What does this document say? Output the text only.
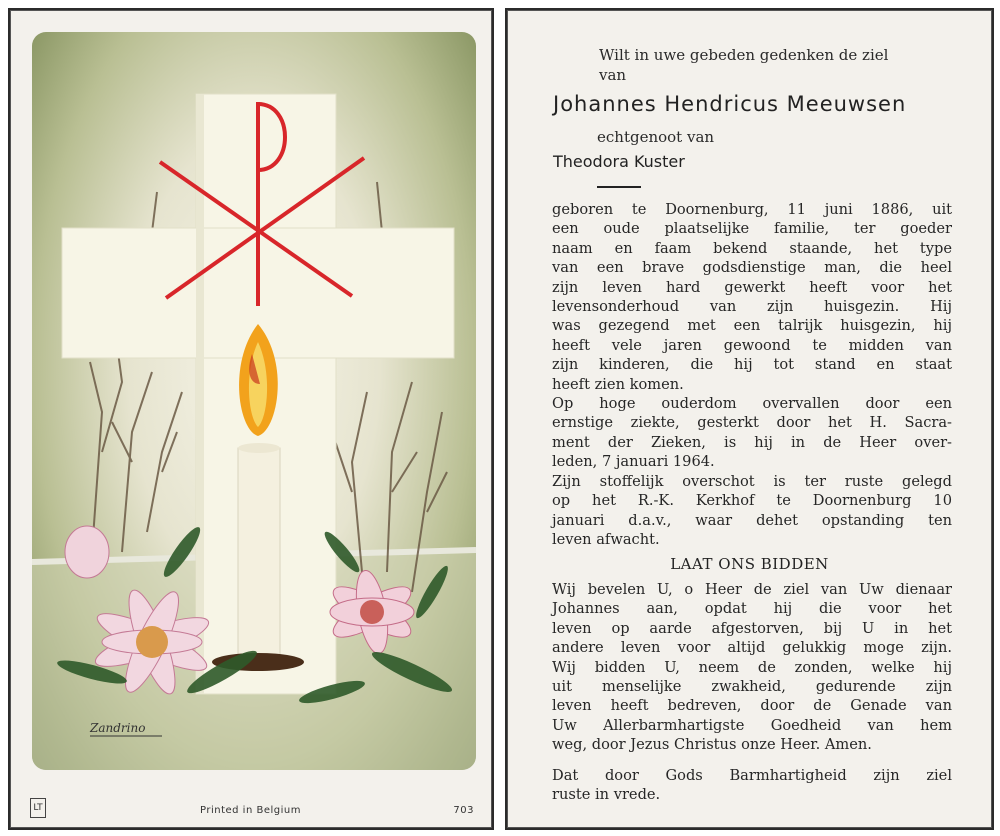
Zandrino
LT	Printed in Belgium	703
Wilt in uwe gebeden gedenken de ziel
van
Johannes Hendricus Meeuwsen
echtgenoot van
Theodora Kuster
geboren te Doornenburg, 11 juni 1886, uit
een oude plaatselijke familie, ter goeder
naam en faam bekend staande, het type
van een brave godsdienstige man, die heel
zijn leven hard gewerkt heeft voor het
levensonderhoud van zijn huisgezin. Hij
was gezegend met een talrijk huisgezin, hij
heeft vele jaren gewoond te midden van
zijn kinderen, die hij tot stand en staat
heeft zien komen.
Op hoge ouderdom overvallen door een
ernstige ziekte, gesterkt door het H. Sacra-
ment der Zieken, is hij in de Heer over-
leden, 7 januari 1964.
Zijn stoffelijk overschot is ter ruste gelegd
op het R.-K. Kerkhof te Doornenburg 10
januari d.a.v., waar dehet opstanding ten
leven afwacht.
LAAT ONS BIDDEN
Wij bevelen U, o Heer de ziel van Uw dienaar
Johannes aan, opdat hij die voor het
leven op aarde afgestorven, bij U in het
andere leven voor altijd gelukkig moge zijn.
Wij bidden U, neem de zonden, welke hij
uit menselijke zwakheid, gedurende zijn
leven heeft bedreven, door de Genade van
Uw Allerbarmhartigste Goedheid van hem
weg, door Jezus Christus onze Heer. Amen.
Dat door Gods Barmhartigheid zijn ziel
ruste in vrede.
